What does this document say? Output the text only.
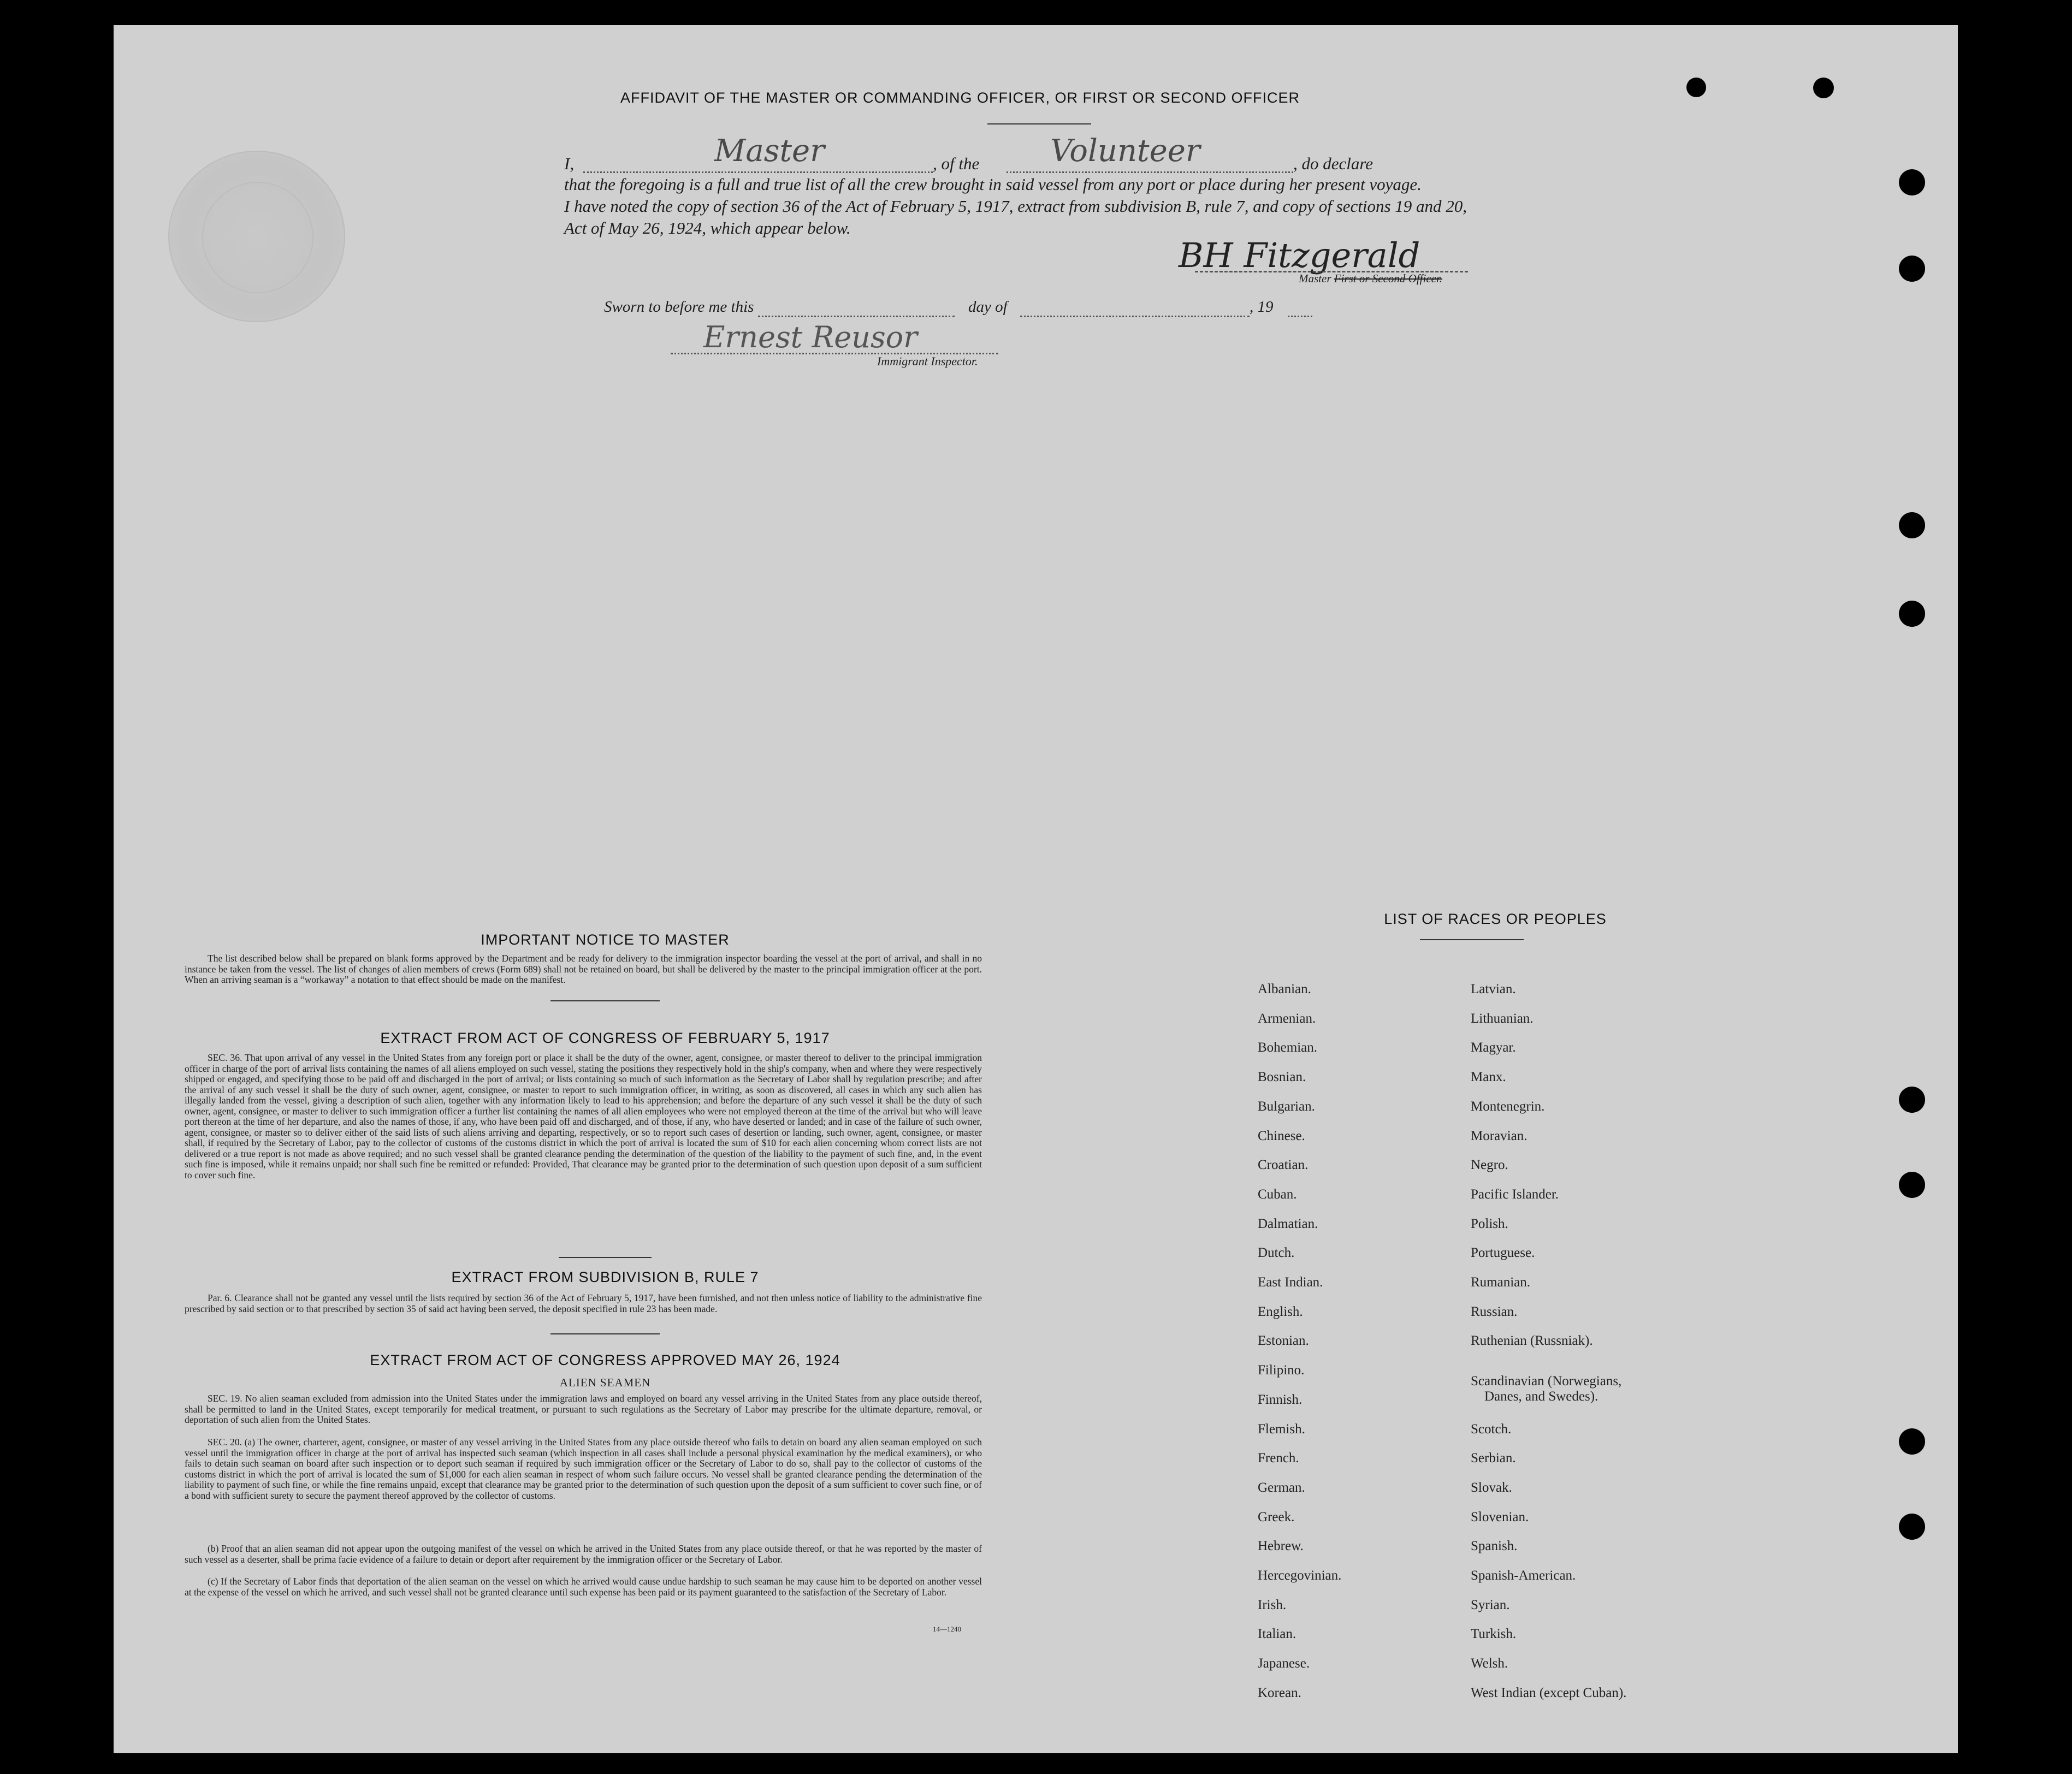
AFFIDAVIT OF THE MASTER OR COMMANDING OFFICER, OR FIRST OR SECOND OFFICER
I,	Master	, of the Volunteer	, do declare
that the foregoing is a full and true list of all the crew brought in said vessel from any port or place during her present voyage.
I have noted the copy of section 36 of the Act of February 5, 1917, extract from subdivision B, rule 7, and copy of sections 19 and 20,
Act of May 26, 1924, which appear below.
BH Fitzgerald
Master First or Second Officer.
Sworn to before me this	day of	, 19
Ernest Reusor
Immigrant Inspector.
IMPORTANT NOTICE TO MASTER
The list described below shall be prepared on blank forms approved by the Department and be ready for delivery to the immigration inspector boarding the vessel at the port of arrival, and shall in no instance be taken from the vessel. The list of changes of alien members of crews (Form 689) shall not be retained on board, but shall be delivered by the master to the principal immigration officer at the port. When an arriving seaman is a “workaway” a notation to that effect should be made on the manifest.
EXTRACT FROM ACT OF CONGRESS OF FEBRUARY 5, 1917
SEC. 36. That upon arrival of any vessel in the United States from any foreign port or place it shall be the duty of the owner, agent, consignee, or master thereof to deliver to the principal immigration officer in charge of the port of arrival lists containing the names of all aliens employed on such vessel, stating the positions they respectively hold in the ship's company, when and where they were respectively shipped or engaged, and specifying those to be paid off and discharged in the port of arrival; or lists containing so much of such information as the Secretary of Labor shall by regulation prescribe; and after the arrival of any such vessel it shall be the duty of such owner, agent, consignee, or master to report to such immigration officer, in writing, as soon as discovered, all cases in which any such alien has illegally landed from the vessel, giving a description of such alien, together with any information likely to lead to his apprehension; and before the departure of any such vessel it shall be the duty of such owner, agent, consignee, or master to deliver to such immigration officer a further list containing the names of all alien employees who were not employed thereon at the time of the arrival but who will leave port thereon at the time of her departure, and also the names of those, if any, who have been paid off and discharged, and of those, if any, who have deserted or landed; and in case of the failure of such owner, agent, consignee, or master so to deliver either of the said lists of such aliens arriving and departing, respectively, or so to report such cases of desertion or landing, such owner, agent, consignee, or master shall, if required by the Secretary of Labor, pay to the collector of customs of the customs district in which the port of arrival is located the sum of $10 for each alien concerning whom correct lists are not delivered or a true report is not made as above required; and no such vessel shall be granted clearance pending the determination of the question of the liability to the payment of such fine, and, in the event such fine is imposed, while it remains unpaid; nor shall such fine be remitted or refunded: Provided, That clearance may be granted prior to the determination of such question upon deposit of a sum sufficient to cover such fine.
EXTRACT FROM SUBDIVISION B, RULE 7
Par. 6. Clearance shall not be granted any vessel until the lists required by section 36 of the Act of February 5, 1917, have been furnished, and not then unless notice of liability to the administrative fine prescribed by said section or to that prescribed by section 35 of said act having been served, the deposit specified in rule 23 has been made.
EXTRACT FROM ACT OF CONGRESS APPROVED MAY 26, 1924
ALIEN SEAMEN
SEC. 19. No alien seaman excluded from admission into the United States under the immigration laws and employed on board any vessel arriving in the United States from any place outside thereof, shall be permitted to land in the United States, except temporarily for medical treatment, or pursuant to such regulations as the Secretary of Labor may prescribe for the ultimate departure, removal, or deportation of such alien from the United States.
SEC. 20. (a) The owner, charterer, agent, consignee, or master of any vessel arriving in the United States from any place outside thereof who fails to detain on board any alien seaman employed on such vessel until the immigration officer in charge at the port of arrival has inspected such seaman (which inspection in all cases shall include a personal physical examination by the medical examiners), or who fails to detain such seaman on board after such inspection or to deport such seaman if required by such immigration officer or the Secretary of Labor to do so, shall pay to the collector of customs of the customs district in which the port of arrival is located the sum of $1,000 for each alien seaman in respect of whom such failure occurs. No vessel shall be granted clearance pending the determination of the liability to payment of such fine, or while the fine remains unpaid, except that clearance may be granted prior to the determination of such question upon the deposit of a sum sufficient to cover such fine, or of a bond with sufficient surety to secure the payment thereof approved by the collector of customs.
(b) Proof that an alien seaman did not appear upon the outgoing manifest of the vessel on which he arrived in the United States from any place outside thereof, or that he was reported by the master of such vessel as a deserter, shall be prima facie evidence of a failure to detain or deport after requirement by the immigration officer or the Secretary of Labor.
(c) If the Secretary of Labor finds that deportation of the alien seaman on the vessel on which he arrived would cause undue hardship to such seaman he may cause him to be deported on another vessel at the expense of the vessel on which he arrived, and such vessel shall not be granted clearance until such expense has been paid or its payment guaranteed to the satisfaction of the Secretary of Labor.
14—1240
LIST OF RACES OR PEOPLES
Albanian.
Armenian.
Bohemian.
Bosnian.
Bulgarian.
Chinese.
Croatian.
Cuban.
Dalmatian.
Dutch.
East Indian.
English.
Estonian.
Filipino.
Finnish.
Flemish.
French.
German.
Greek.
Hebrew.
Hercegovinian.
Irish.
Italian.
Japanese.
Korean.
Latvian.
Lithuanian.
Magyar.
Manx.
Montenegrin.
Moravian.
Negro.
Pacific Islander.
Polish.
Portuguese.
Rumanian.
Russian.
Ruthenian (Russniak).
Scandinavian (Norwegians,
Danes, and Swedes).
Scotch.
Serbian.
Slovak.
Slovenian.
Spanish.
Spanish-American.
Syrian.
Turkish.
Welsh.
West Indian (except Cuban).
